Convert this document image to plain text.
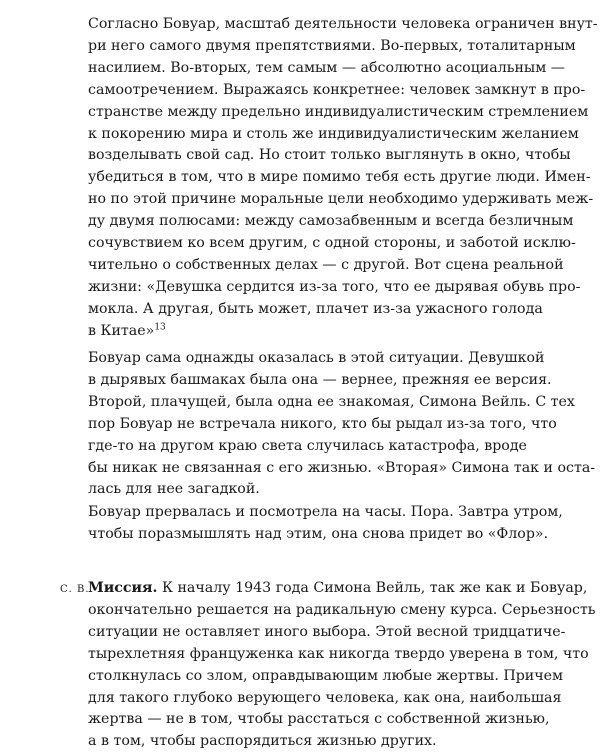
Согласно Бовуар, масштаб деятельности человека ограничен внут-
ри него самого двумя препятствиями. Во-первых, тоталитарным
насилием. Во-вторых, тем самым — абсолютно асоциальным —
самоотречением. Выражаясь конкретнее: человек замкнут в про-
странстве между предельно индивидуалистическим стремлением
к покорению мира и столь же индивидуалистическим желанием
возделывать свой сад. Но стоит только выглянуть в окно, чтобы
убедиться в том, что в мире помимо тебя есть другие люди. Имен-
но по этой причине моральные цели необходимо удерживать меж-
ду двумя полюсами: между самозабвенным и всегда безличным
сочувствием ко всем другим, с одной стороны, и заботой исклю-
чительно о собственных делах — с другой. Вот сцена реальной
жизни: «Девушка сердится из-за того, что ее дырявая обувь про-
мокла. А другая, быть может, плачет из-за ужасного голода
в Китае»$^{13}$
Бовуар сама однажды оказалась в этой ситуации. Девушкой
в дырявых башмаках была она — вернее, прежняя ее версия.
Второй, плачущей, была одна ее знакомая, Симона Вейль. С тех
пор Бовуар не встречала никого, кто бы рыдал из-за того, что
где-то на другом краю света случилась катастрофа, вроде
бы никак не связанная с его жизнью. «Вторая» Симона так и оста-
лась для нее загадкой.
Бовуар прервалась и посмотрела на часы. Пора. Завтра утром,
чтобы поразмышлять над этим, она снова придет во «Флор».
С. В.
Миссия. К началу 1943 года Симона Вейль, так же как и Бовуар,
окончательно решается на радикальную смену курса. Серьезность
ситуации не оставляет иного выбора. Этой весной тридцатиче-
тырехлетняя француженка как никогда твердо уверена в том, что
столкнулась со злом, оправдывающим любые жертвы. Причем
для такого глубоко верующего человека, как она, наибольшая
жертва — не в том, чтобы расстаться с собственной жизнью,
а в том, чтобы распорядиться жизнью других.
